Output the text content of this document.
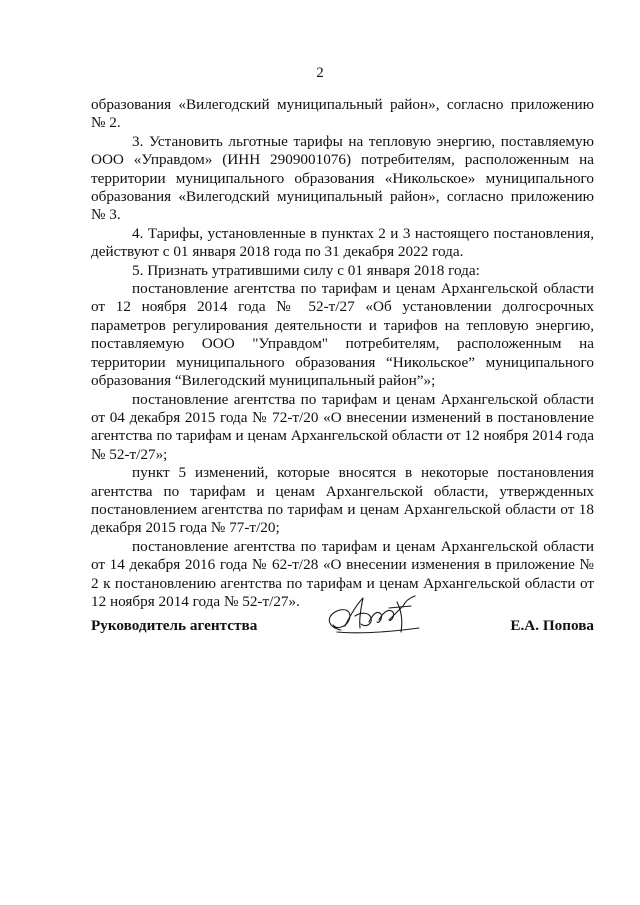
2

образования «Вилегодский муниципальный район», согласно приложению № 2.

3. Установить льготные тарифы на тепловую энергию, поставляемую ООО «Управдом» (ИНН 2909001076) потребителям, расположенным на территории муниципального образования «Никольское» муниципального образования «Вилегодский муниципальный район», согласно приложению № 3.

4. Тарифы, установленные в пунктах 2 и 3 настоящего постановления, действуют с 01 января 2018 года по 31 декабря 2022 года.

5. Признать утратившими силу с 01 января 2018 года:

постановление агентства по тарифам и ценам Архангельской области от 12 ноября 2014 года № 52-т/27 «Об установлении долгосрочных параметров регулирования деятельности и тарифов на тепловую энергию, поставляемую ООО "Управдом" потребителям, расположенным на территории муниципального образования “Никольское” муниципального образования “Вилегодский муниципальный район”»;

постановление агентства по тарифам и ценам Архангельской области от 04 декабря 2015 года № 72-т/20 «О внесении изменений в постановление агентства по тарифам и ценам Архангельской области от 12 ноября 2014 года № 52-т/27»;

пункт 5 изменений, которые вносятся в некоторые постановления агентства по тарифам и ценам Архангельской области, утвержденных постановлением агентства по тарифам и ценам Архангельской области от 18 декабря 2015 года № 77-т/20;

постановление агентства по тарифам и ценам Архангельской области от 14 декабря 2016 года № 62-т/28 «О внесении изменения в приложение № 2 к постановлению агентства по тарифам и ценам Архангельской области от 12 ноября 2014 года № 52-т/27».

Руководитель агентства	Е.А. Попова
